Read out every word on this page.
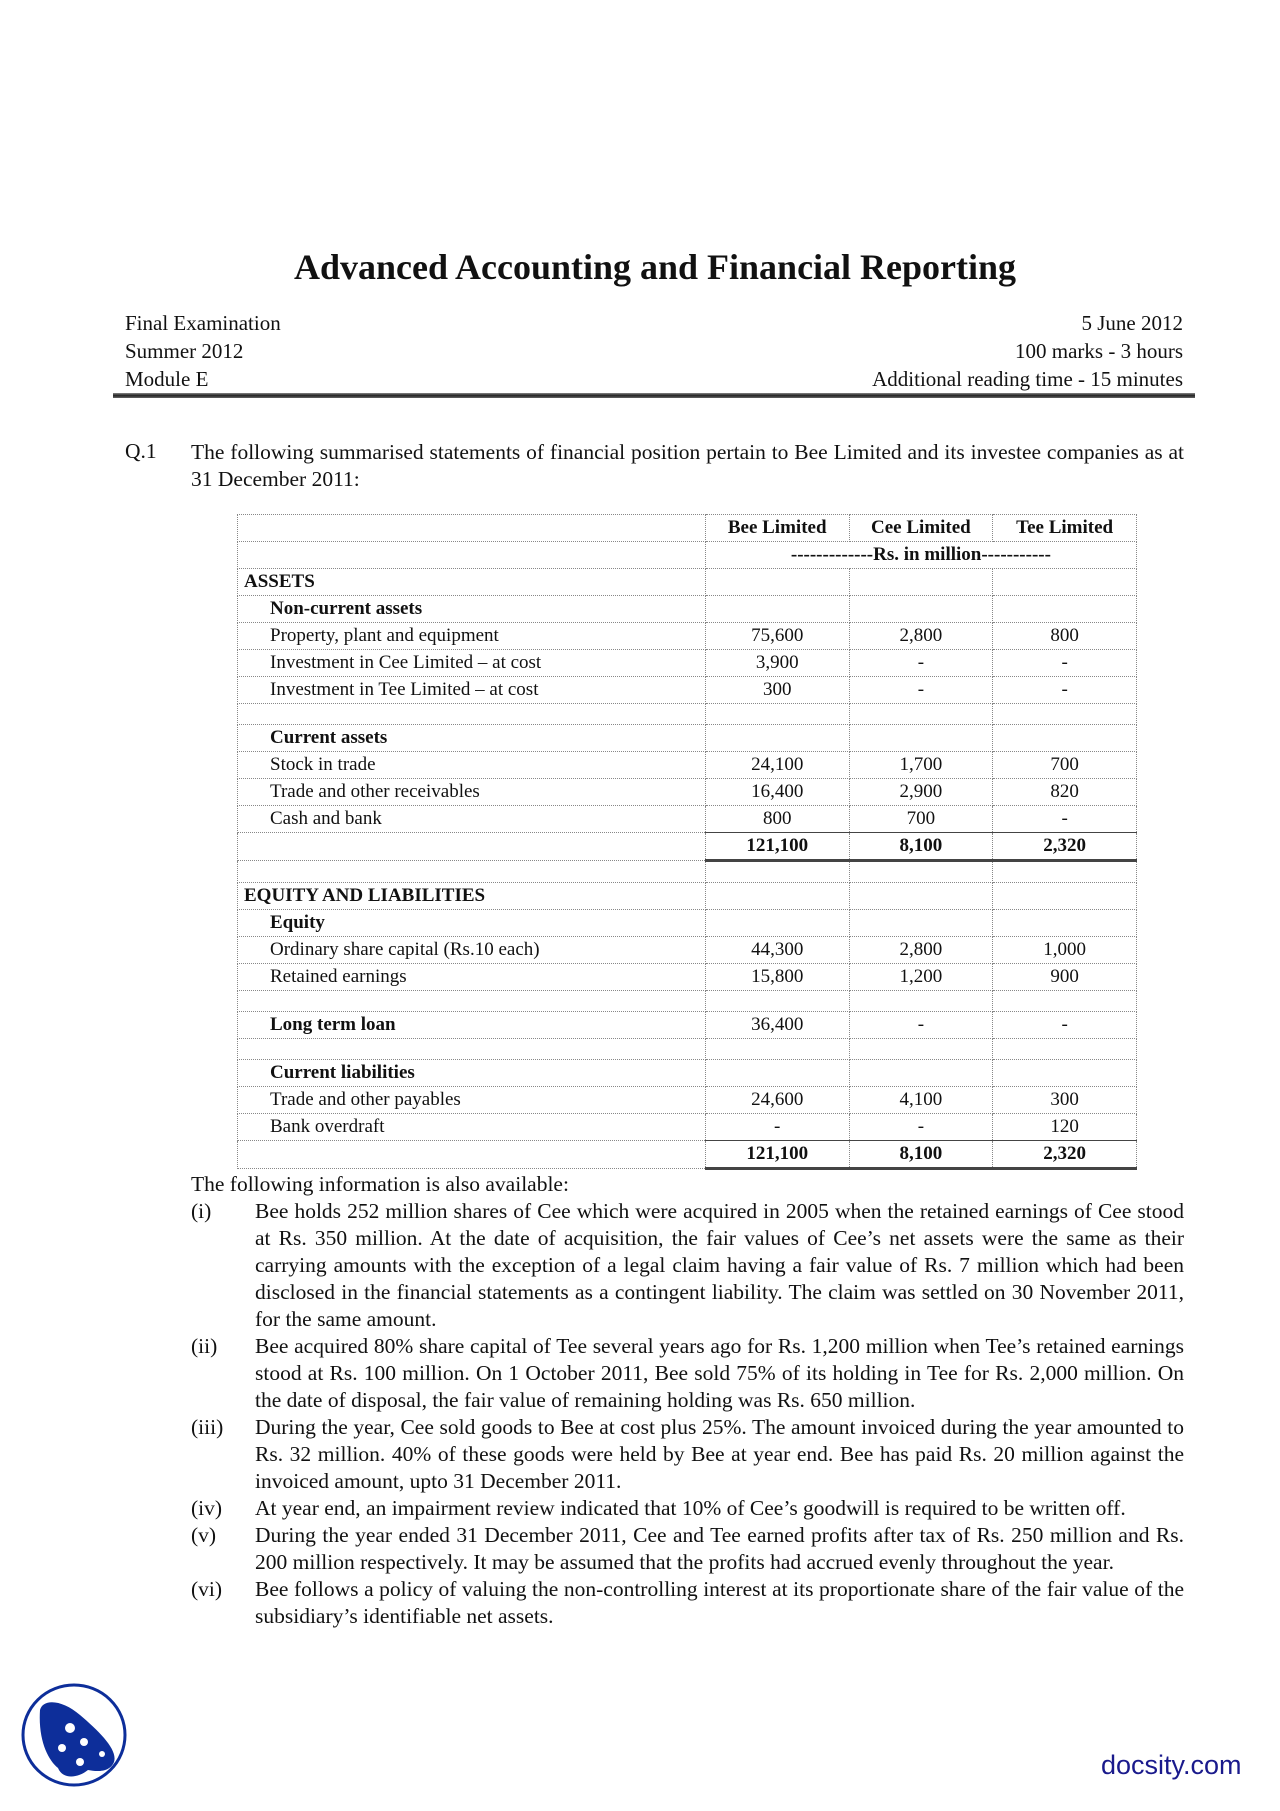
Advanced Accounting and Financial Reporting
Final Examination
Summer 2012
Module E
5 June 2012
100 marks - 3 hours
Additional reading time - 15 minutes
Q.1 The following summarised statements of financial position pertain to Bee Limited and its investee companies as at 31 December 2011:
	Bee Limited	Cee Limited	Tee Limited
	-------------Rs. in million-----------		
ASSETS			
Non-current assets			
Property, plant and equipment	75,600	2,800	800
Investment in Cee Limited – at cost	3,900	-	-
Investment in Tee Limited – at cost	300	-	-

Current assets			
Stock in trade	24,100	1,700	700
Trade and other receivables	16,400	2,900	820
Cash and bank	800	700	-
	121,100	8,100	2,320

EQUITY AND LIABILITIES			
Equity			
Ordinary share capital (Rs.10 each)	44,300	2,800	1,000
Retained earnings	15,800	1,200	900

Long term loan	36,400	-	-

Current liabilities			
Trade and other payables	24,600	4,100	300
Bank overdraft	-	-	120
	121,100	8,100	2,320
The following information is also available:
(i)	Bee holds 252 million shares of Cee which were acquired in 2005 when the retained earnings of Cee stood at Rs. 350 million. At the date of acquisition, the fair values of Cee’s net assets were the same as their carrying amounts with the exception of a legal claim having a fair value of Rs. 7 million which had been disclosed in the financial statements as a contingent liability. The claim was settled on 30 November 2011, for the same amount.
(ii)	Bee acquired 80% share capital of Tee several years ago for Rs. 1,200 million when Tee’s retained earnings stood at Rs. 100 million. On 1 October 2011, Bee sold 75% of its holding in Tee for Rs. 2,000 million. On the date of disposal, the fair value of remaining holding was Rs. 650 million.
(iii)	During the year, Cee sold goods to Bee at cost plus 25%. The amount invoiced during the year amounted to Rs. 32 million. 40% of these goods were held by Bee at year end. Bee has paid Rs. 20 million against the invoiced amount, upto 31 December 2011.
(iv)	At year end, an impairment review indicated that 10% of Cee’s goodwill is required to be written off.
(v)	During the year ended 31 December 2011, Cee and Tee earned profits after tax of Rs. 250 million and Rs. 200 million respectively. It may be assumed that the profits had accrued evenly throughout the year.
(vi)	Bee follows a policy of valuing the non-controlling interest at its proportionate share of the fair value of the subsidiary’s identifiable net assets.
docsity.com
